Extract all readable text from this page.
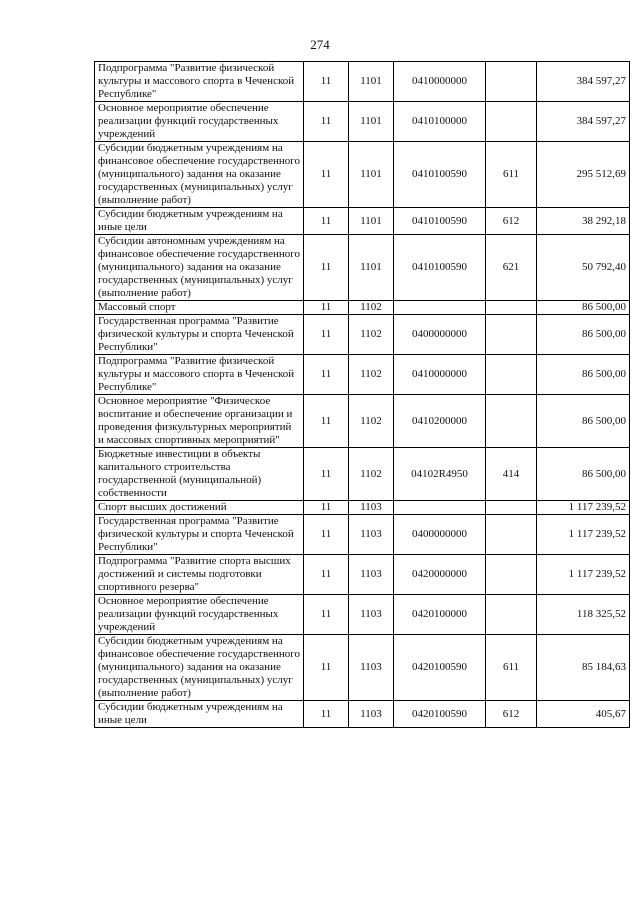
274
Подпрограмма "Развитие физической культуры и массового спорта в Чеченской Республике"	11	1101	0410000000		384 597,27
Основное мероприятие обеспечение реализации функций государственных учреждений	11	1101	0410100000		384 597,27
Субсидии бюджетным учреждениям на финансовое обеспечение государственного (муниципального) задания на оказание государственных (муниципальных) услуг (выполнение работ)	11	1101	0410100590	611	295 512,69
Субсидии бюджетным учреждениям на иные цели	11	1101	0410100590	612	38 292,18
Субсидии автономным учреждениям на финансовое обеспечение государственного (муниципального) задания на оказание государственных (муниципальных) услуг (выполнение работ)	11	1101	0410100590	621	50 792,40
Массовый спорт	11	1102			86 500,00
Государственная программа "Развитие физической культуры и спорта Чеченской Республики"	11	1102	0400000000		86 500,00
Подпрограмма "Развитие физической культуры и массового спорта в Чеченской Республике"	11	1102	0410000000		86 500,00
Основное мероприятие "Физическое воспитание и обеспечение организации и проведения физкультурных мероприятий и массовых спортивных мероприятий"	11	1102	0410200000		86 500,00
Бюджетные инвестиции в объекты капитального строительства государственной (муниципальной) собственности	11	1102	04102R4950	414	86 500,00
Спорт высших достижений	11	1103			1 117 239,52
Государственная программа "Развитие физической культуры и спорта Чеченской Республики"	11	1103	0400000000		1 117 239,52
Подпрограмма "Развитие спорта высших достижений и системы подготовки спортивного резерва"	11	1103	0420000000		1 117 239,52
Основное мероприятие обеспечение реализации функций государственных учреждений	11	1103	0420100000		118 325,52
Субсидии бюджетным учреждениям на финансовое обеспечение государственного (муниципального) задания на оказание государственных (муниципальных) услуг (выполнение работ)	11	1103	0420100590	611	85 184,63
Субсидии бюджетным учреждениям на иные цели	11	1103	0420100590	612	405,67
